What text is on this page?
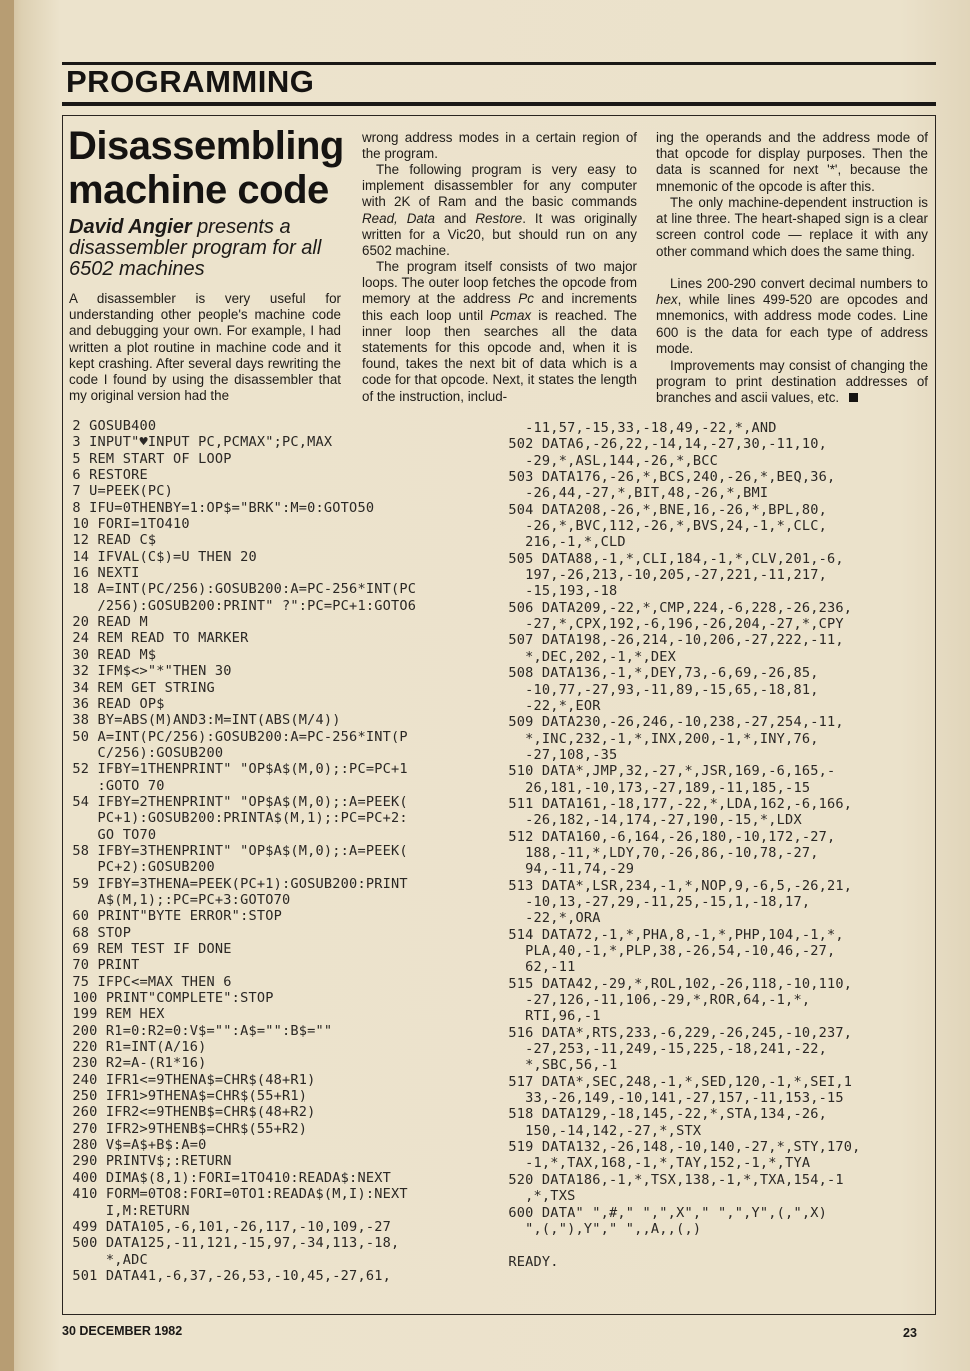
PROGRAMMING
Disassembling
machine code
David Angier presents a disassembler program for all 6502 machines

A disassembler is very useful for understanding other people's machine code and debugging your own. For example, I had written a plot routine in machine code and it kept crashing. After several days rewriting the code I found by using the disassembler that my original version had the

wrong address modes in a certain region of the program.

The following program is very easy to implement disassembler for any computer with 2K of Ram and the basic commands Read, Data and Restore. It was originally written for a Vic20, but should run on any 6502 machine.

The program itself consists of two major loops. The outer loop fetches the opcode from memory at the address Pc and increments this each loop until Pcmax is reached. The inner loop then searches all the data statements for this opcode and, when it is found, takes the next bit of data which is a code for that opcode. Next, it states the length of the instruction, includ-

ing the operands and the address mode of that opcode for display purposes. Then the data is scanned for next '*', because the mnemonic of the opcode is after this.

The only machine-dependent instruction is at line three. The heart-shaped sign is a clear screen control code — replace it with any other command which does the same thing.

Lines 200-290 convert decimal numbers to hex, while lines 499-520 are opcodes and mnemonics, with address mode codes. Line 600 is the data for each type of address mode.

Improvements may consist of changing the program to print destination addresses of branches and ascii values, etc.

2 GOSUB400
3 INPUT"♥INPUT PC,PCMAX";PC,MAX
5 REM START OF LOOP
6 RESTORE
7 U=PEEK(PC)
8 IFU=0THENBY=1:OP$="BRK":M=0:GOTO50
10 FORI=1TO410
12 READ C$
14 IFVAL(C$)=U THEN 20
16 NEXTI
18 A=INT(PC/256):GOSUB200:A=PC-256*INT(PC
/256):GOSUB200:PRINT" ?":PC=PC+1:GOTO6
20 READ M
24 REM READ TO MARKER
30 READ M$
32 IFM$<>"*"THEN 30
34 REM GET STRING
36 READ OP$
38 BY=ABS(M)AND3:M=INT(ABS(M/4))
50 A=INT(PC/256):GOSUB200:A=PC-256*INT(P
C/256):GOSUB200
52 IFBY=1THENPRINT" "OP$A$(M,0);:PC=PC+1
:GOTO 70
54 IFBY=2THENPRINT" "OP$A$(M,0);:A=PEEK(
PC+1):GOSUB200:PRINTA$(M,1);:PC=PC+2:
GO TO70
58 IFBY=3THENPRINT" "OP$A$(M,0);:A=PEEK(
PC+2):GOSUB200
59 IFBY=3THENA=PEEK(PC+1):GOSUB200:PRINT
A$(M,1);:PC=PC+3:GOTO70
60 PRINT"BYTE ERROR":STOP
68 STOP
69 REM TEST IF DONE
70 PRINT
75 IFPC<=MAX THEN 6
100 PRINT"COMPLETE":STOP
199 REM HEX
200 R1=0:R2=0:V$="":A$="":B$=""
220 R1=INT(A/16)
230 R2=A-(R1*16)
240 IFR1<=9THENA$=CHR$(48+R1)
250 IFR1>9THENA$=CHR$(55+R1)
260 IFR2<=9THENB$=CHR$(48+R2)
270 IFR2>9THENB$=CHR$(55+R2)
280 V$=A$+B$:A=0
290 PRINTV$;:RETURN
400 DIMA$(8,1):FORI=1TO410:READA$:NEXT
410 FORM=0TO8:FORI=0TO1:READA$(M,I):NEXT
I,M:RETURN
499 DATA105,-6,101,-26,117,-10,109,-27
500 DATA125,-11,121,-15,97,-34,113,-18,
*,ADC
501 DATA41,-6,37,-26,53,-10,45,-27,61,
-11,57,-15,33,-18,49,-22,*,AND
502 DATA6,-26,22,-14,14,-27,30,-11,10,
-29,*,ASL,144,-26,*,BCC
503 DATA176,-26,*,BCS,240,-26,*,BEQ,36,
-26,44,-27,*,BIT,48,-26,*,BMI
504 DATA208,-26,*,BNE,16,-26,*,BPL,80,
-26,*,BVC,112,-26,*,BVS,24,-1,*,CLC,
216,-1,*,CLD
505 DATA88,-1,*,CLI,184,-1,*,CLV,201,-6,
197,-26,213,-10,205,-27,221,-11,217,
-15,193,-18
506 DATA209,-22,*,CMP,224,-6,228,-26,236,
-27,*,CPX,192,-6,196,-26,204,-27,*,CPY
507 DATA198,-26,214,-10,206,-27,222,-11,
*,DEC,202,-1,*,DEX
508 DATA136,-1,*,DEY,73,-6,69,-26,85,
-10,77,-27,93,-11,89,-15,65,-18,81,
-22,*,EOR
509 DATA230,-26,246,-10,238,-27,254,-11,
*,INC,232,-1,*,INX,200,-1,*,INY,76,
-27,108,-35
510 DATA*,JMP,32,-27,*,JSR,169,-6,165,-
26,181,-10,173,-27,189,-11,185,-15
511 DATA161,-18,177,-22,*,LDA,162,-6,166,
-26,182,-14,174,-27,190,-15,*,LDX
512 DATA160,-6,164,-26,180,-10,172,-27,
188,-11,*,LDY,70,-26,86,-10,78,-27,
94,-11,74,-29
513 DATA*,LSR,234,-1,*,NOP,9,-6,5,-26,21,
-10,13,-27,29,-11,25,-15,1,-18,17,
-22,*,ORA
514 DATA72,-1,*,PHA,8,-1,*,PHP,104,-1,*,
PLA,40,-1,*,PLP,38,-26,54,-10,46,-27,
62,-11
515 DATA42,-29,*,ROL,102,-26,118,-10,110,
-27,126,-11,106,-29,*,ROR,64,-1,*,
RTI,96,-1
516 DATA*,RTS,233,-6,229,-26,245,-10,237,
-27,253,-11,249,-15,225,-18,241,-22,
*,SBC,56,-1
517 DATA*,SEC,248,-1,*,SED,120,-1,*,SEI,1
33,-26,149,-10,141,-27,157,-11,153,-15
518 DATA129,-18,145,-22,*,STA,134,-26,
150,-14,142,-27,*,STX
519 DATA132,-26,148,-10,140,-27,*,STY,170,
-1,*,TAX,168,-1,*,TAY,152,-1,*,TYA
520 DATA186,-1,*,TSX,138,-1,*,TXA,154,-1
,*,TXS
600 DATA" ",#," ",",X"," ",",Y",(,",X)
",(,"),Y"," ",,A,,(,)

READY.
30 DECEMBER 1982	23
